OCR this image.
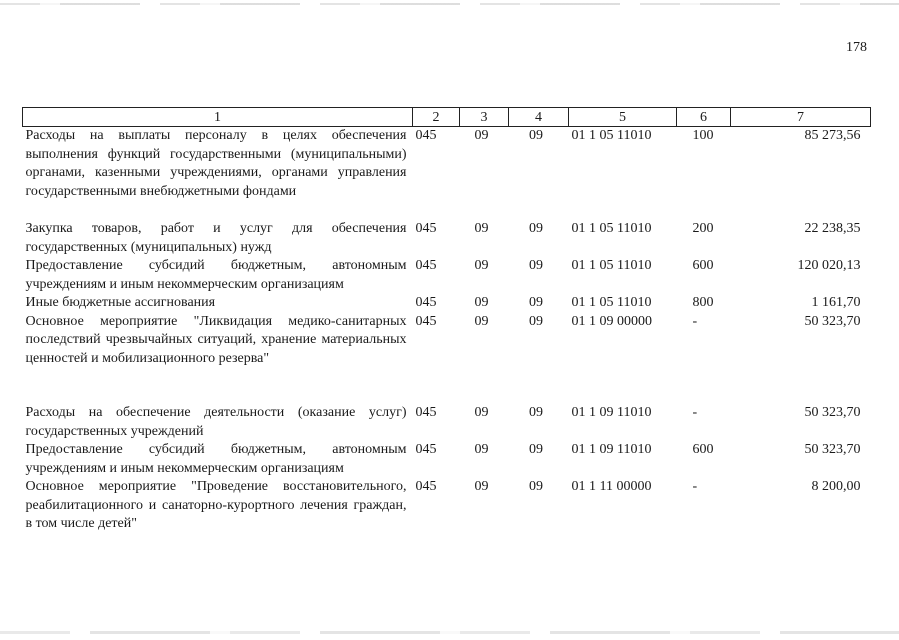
178
1	2	3	4	5	6	7
Расходы на выплаты персоналу в целях обеспечения выполнения функций государственными (муниципальными) органами, казенными учреждениями, органами управления государственными внебюджетными фондами	045	09	09	01 1 05 11010	100	85 273,56
Закупка товаров, работ и услуг для обеспечения государственных (муниципальных) нужд	045	09	09	01 1 05 11010	200	22 238,35
Предоставление субсидий бюджетным, автономным учреждениям и иным некоммерческим организациям	045	09	09	01 1 05 11010	600	120 020,13
Иные бюджетные ассигнования	045	09	09	01 1 05 11010	800	1 161,70
Основное мероприятие "Ликвидация медико-санитарных последствий чрезвычайных ситуаций, хранение материальных ценностей и мобилизационного резерва"	045	09	09	01 1 09 00000	-	50 323,70
Расходы на обеспечение деятельности (оказание услуг) государственных учреждений	045	09	09	01 1 09 11010	-	50 323,70
Предоставление субсидий бюджетным, автономным учреждениям и иным некоммерческим организациям	045	09	09	01 1 09 11010	600	50 323,70
Основное мероприятие "Проведение восстановительного, реабилитационного и санаторно-курортного лечения граждан, в том числе детей"	045	09	09	01 1 11 00000	-	8 200,00
